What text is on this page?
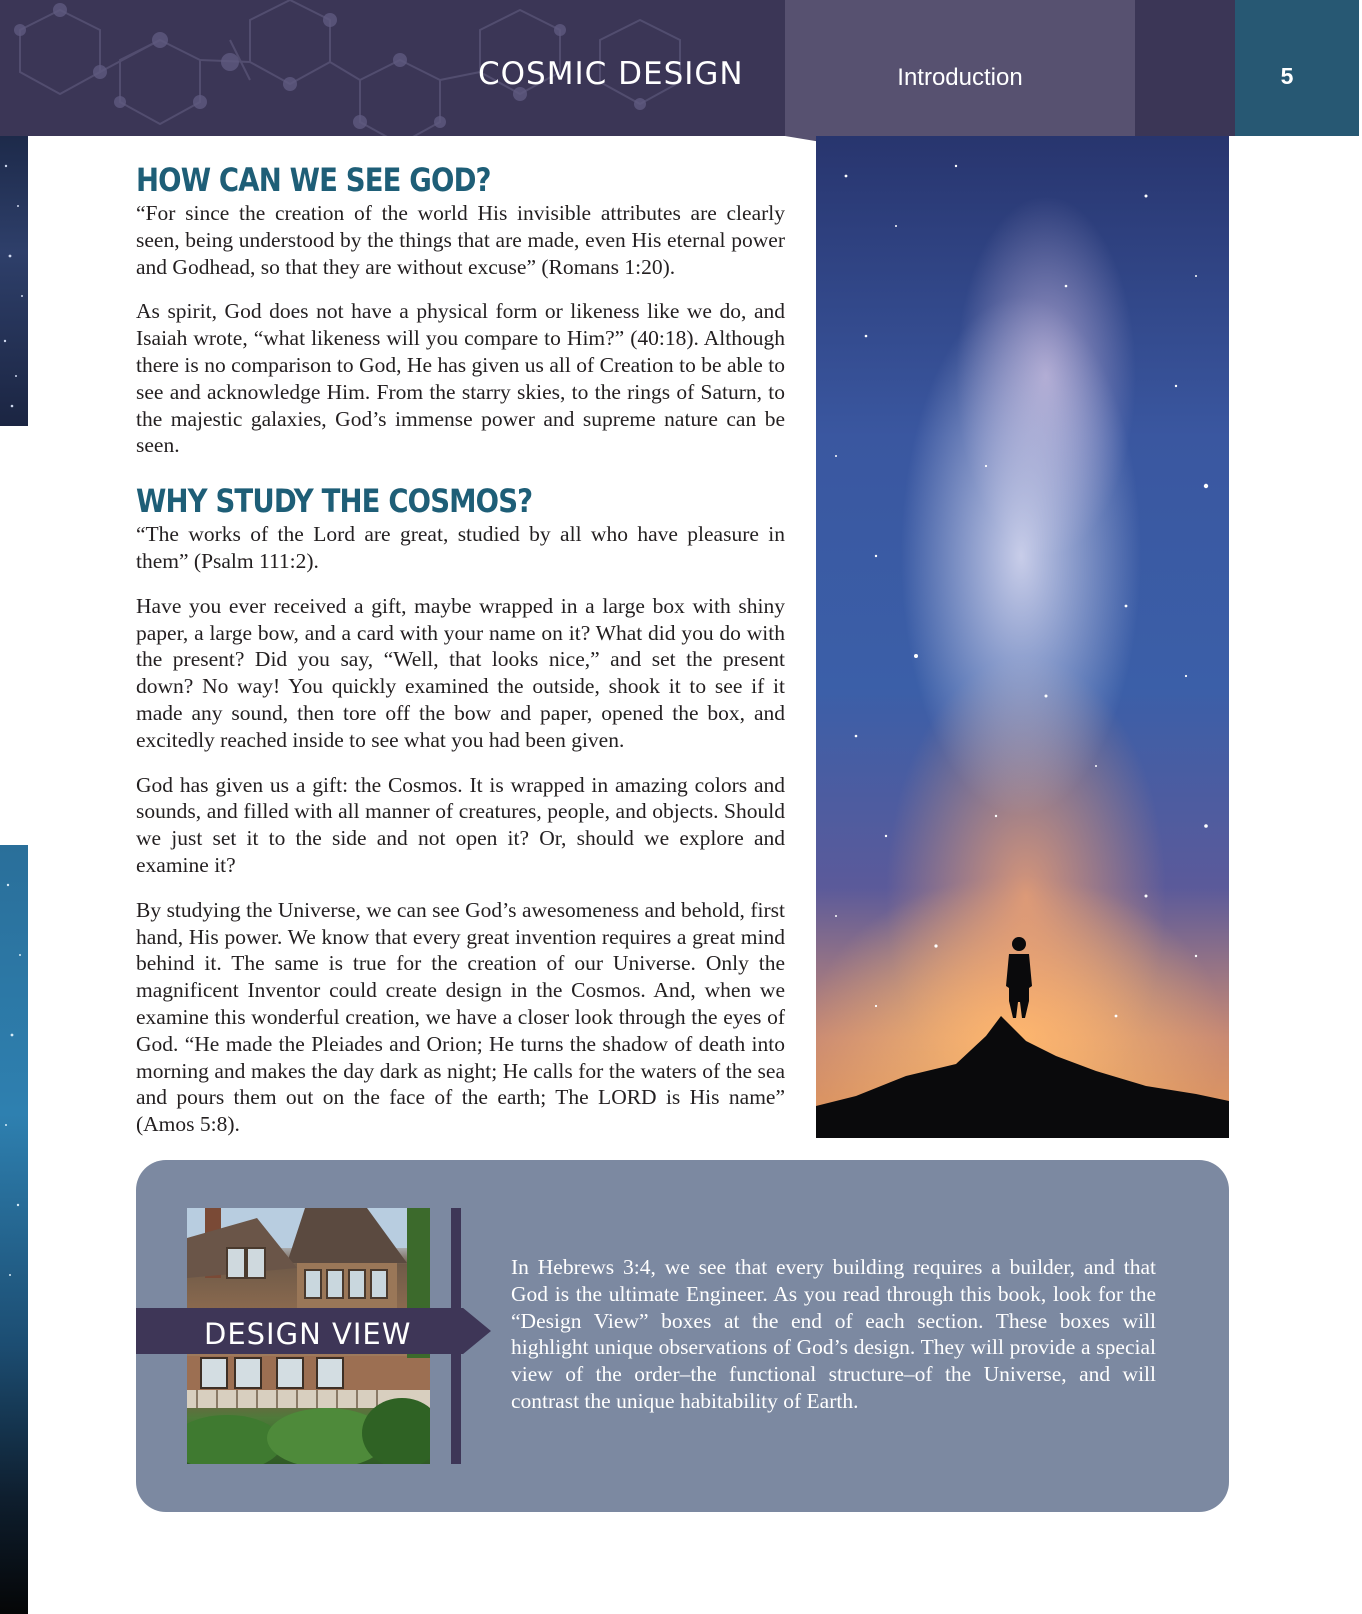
COSMIC DESIGN	Introduction	5
HOW CAN WE SEE GOD?

“For since the creation of the world His invisible attributes are clearly seen, being understood by the things that are made, even His eternal power and Godhead, so that they are without excuse” (Romans 1:20).

As spirit, God does not have a physical form or likeness like we do, and Isaiah wrote, “what likeness will you compare to Him?” (40:18). Although there is no comparison to God, He has given us all of Creation to be able to see and acknowledge Him. From the starry skies, to the rings of Saturn, to the majestic galaxies, God’s immense power and supreme nature can be seen.

WHY STUDY THE COSMOS?

“The works of the Lord are great, studied by all who have pleasure in them” (Psalm 111:2).

Have you ever received a gift, maybe wrapped in a large box with shiny paper, a large bow, and a card with your name on it? What did you do with the present? Did you say, “Well, that looks nice,” and set the present down? No way! You quickly examined the outside, shook it to see if it made any sound, then tore off the bow and paper, opened the box, and excitedly reached inside to see what you had been given.

God has given us a gift: the Cosmos. It is wrapped in amazing colors and sounds, and filled with all manner of creatures, people, and objects. Should we just set it to the side and not open it? Or, should we explore and examine it?

By studying the Universe, we can see God’s awesomeness and behold, first hand, His power. We know that every great invention requires a great mind behind it. The same is true for the creation of our Universe. Only the magnificent Inventor could create design in the Cosmos. And, when we examine this wonderful creation, we have a closer look through the eyes of God. “He made the Pleiades and Orion; He turns the shadow of death into morning and makes the day dark as night; He calls for the waters of the sea and pours them out on the face of the earth; The LORD is His name” (Amos 5:8).

DESIGN VIEW

In Hebrews 3:4, we see that every building requires a builder, and that God is the ultimate Engineer. As you read through this book, look for the “Design View” boxes at the end of each section. These boxes will highlight unique observations of God’s design. They will provide a special view of the order–the functional structure–of the Universe, and will contrast the unique habitability of Earth.
